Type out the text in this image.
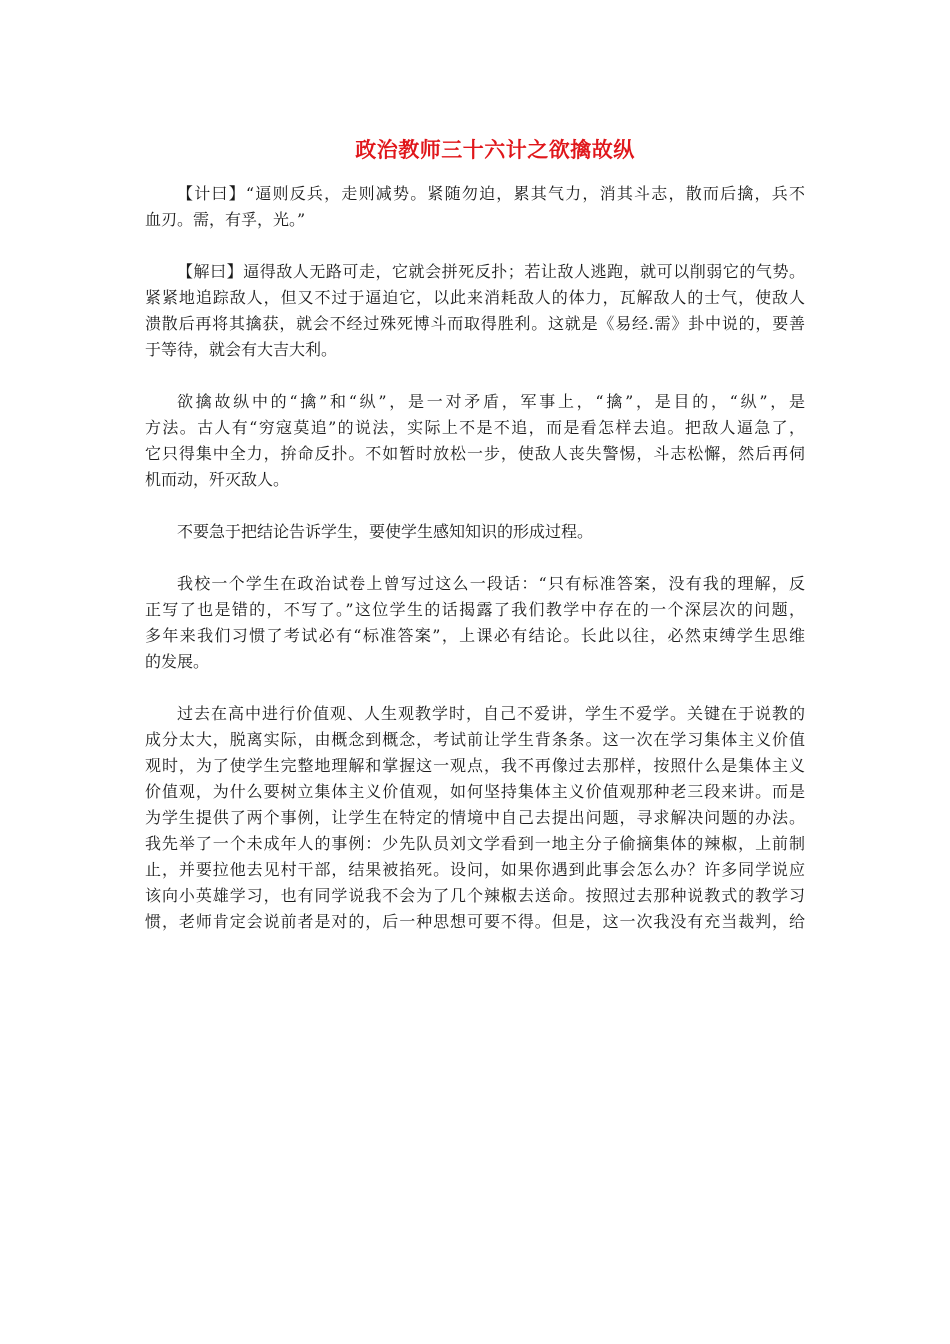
政治教师三十六计之欲擒故纵

【计曰】“逼则反兵，走则减势。紧随勿迫，累其气力，消其斗志，散而后擒，兵不
血刃。需，有孚，光。”

【解曰】逼得敌人无路可走，它就会拼死反扑；若让敌人逃跑，就可以削弱它的气势。
紧紧地追踪敌人，但又不过于逼迫它，以此来消耗敌人的体力，瓦解敌人的士气，使敌人
溃散后再将其擒获，就会不经过殊死博斗而取得胜利。这就是《易经.需》卦中说的，要善
于等待，就会有大吉大利。

欲擒故纵中的“擒”和“纵”，是一对矛盾，军事上，“擒”，是目的，“纵”，是
方法。古人有“穷寇莫追”的说法，实际上不是不追，而是看怎样去追。把敌人逼急了，
它只得集中全力，拚命反扑。不如暂时放松一步，使敌人丧失警惕，斗志松懈，然后再伺
机而动，歼灭敌人。

不要急于把结论告诉学生，要使学生感知知识的形成过程。

我校一个学生在政治试卷上曾写过这么一段话：“只有标准答案，没有我的理解，反
正写了也是错的，不写了。”这位学生的话揭露了我们教学中存在的一个深层次的问题，
多年来我们习惯了考试必有“标准答案”，上课必有结论。长此以往，必然束缚学生思维
的发展。

过去在高中进行价值观、人生观教学时，自己不爱讲，学生不爱学。关键在于说教的
成分太大，脱离实际，由概念到概念，考试前让学生背条条。这一次在学习集体主义价值
观时，为了使学生完整地理解和掌握这一观点，我不再像过去那样，按照什么是集体主义
价值观，为什么要树立集体主义价值观，如何坚持集体主义价值观那种老三段来讲。而是
为学生提供了两个事例，让学生在特定的情境中自己去提出问题，寻求解决问题的办法。
我先举了一个未成年人的事例：少先队员刘文学看到一地主分子偷摘集体的辣椒，上前制
止，并要拉他去见村干部，结果被掐死。设问，如果你遇到此事会怎么办？许多同学说应
该向小英雄学习，也有同学说我不会为了几个辣椒去送命。按照过去那种说教式的教学习
惯，老师肯定会说前者是对的，后一种思想可要不得。但是，这一次我没有充当裁判，给
